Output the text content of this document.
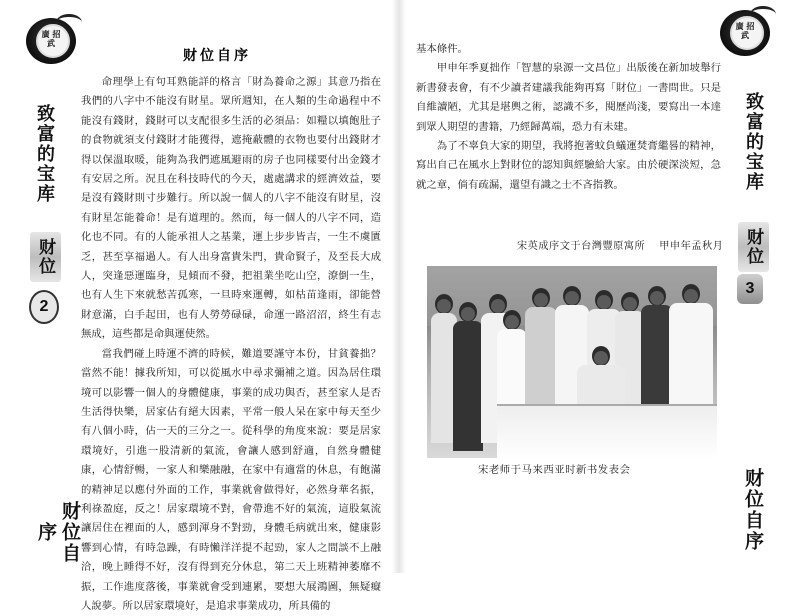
廣 招 武
致富的宝库
财位
2
财位自序
财位自序

命理學上有句耳熟能詳的格言「財為養命之源」其意乃指在我們的八字中不能沒有財星。眾所週知，在人類的生命過程中不能沒有錢財，錢財可以支配很多生活的必須品：如糧以填飽肚子的食物就須支付錢財才能獲得，遮掩蔽體的衣物也要付出錢財才得以保溫取暖，能夠為我們遮風避雨的房子也同樣要付出金錢才有安居之所。況且在科技時代的今天，處處講求的經濟效益，要是沒有錢財則寸步難行。所以說一個人的八字不能沒有財星，沒有財星怎能養命！是有道理的。然而，每一個人的八字不同，造化也不同。有的人能承祖人之基業，運上步步皆吉，一生不虞匱乏，甚至享福過人。有人出身富貴朱門，貴命賢子，及至長大成人，突逢惡運臨身，見傾而不發，把祖業坐吃山空，潦倒一生，也有人生下來就愁苦孤寒，一旦時來運轉，如枯苗逢雨，卻能營財意滿，白手起田，也有人勞勞碌碌，命運一路沼沼，終生有志無成，這些都是命與運使然。

當我們碰上時運不濟的時候，難道要謹守本份，甘貧養拙？當然不能！據我所知，可以從風水中尋求彌補之道。因為居住環境可以影響一個人的身體健康，事業的成功與否，甚至家人是否生活得快樂，居家佔有絕大因素，平常一般人呆在家中每天至少有八個小時，佔一天的三分之一。從科學的角度來說：要是居家環境好，引進一股清新的氣流，會讓人感到舒適，自然身體健康，心情舒暢，一家人和樂融融，在家中有適當的休息，有飽滿的精神足以應付外面的工作，事業就會做得好，必然身華名振，利祿盈庭，反之！居家環境不對，會帶進不好的氣流，這股氣流讓居住在裡面的人，感到渾身不對勁，身體毛病就出來，健康影響到心情，有時急躁，有時懶洋洋提不起勁，家人之間談不上融洽，晚上睡得不好，沒有得到充分休息，第二天上班精神萎靡不振，工作進度落後，事業就會受到連累，要想大展鴻圖，無疑癡人說夢。所以居家環境好，是追求事業成功，所具備的

廣 招 武
致富的宝库
财位
3
财位自序

基本條件。

甲申年季夏拙作「智慧的泉源一文昌位」出版後在新加坡舉行新書發表會，有不少讀者建議我能夠再寫「財位」一書問世。只是自維讀陋，尤其是堪輿之術，認識不多，閱歷尚淺，要寫出一本達到眾人期望的書籍，乃經歸萬端，恐力有未建。

為了不辜負大家的期望，我將抱著蚊負蟻運焚膏繼晷的精神，寫出自己在風水上對財位的認知與經驗給大家。由於硬深淡短，急就之章，倘有疏漏，還望有識之士不吝指教。

宋英成序文于台灣豐原寓所 甲申年孟秋月
宋老师于马来西亚时新书发表会
